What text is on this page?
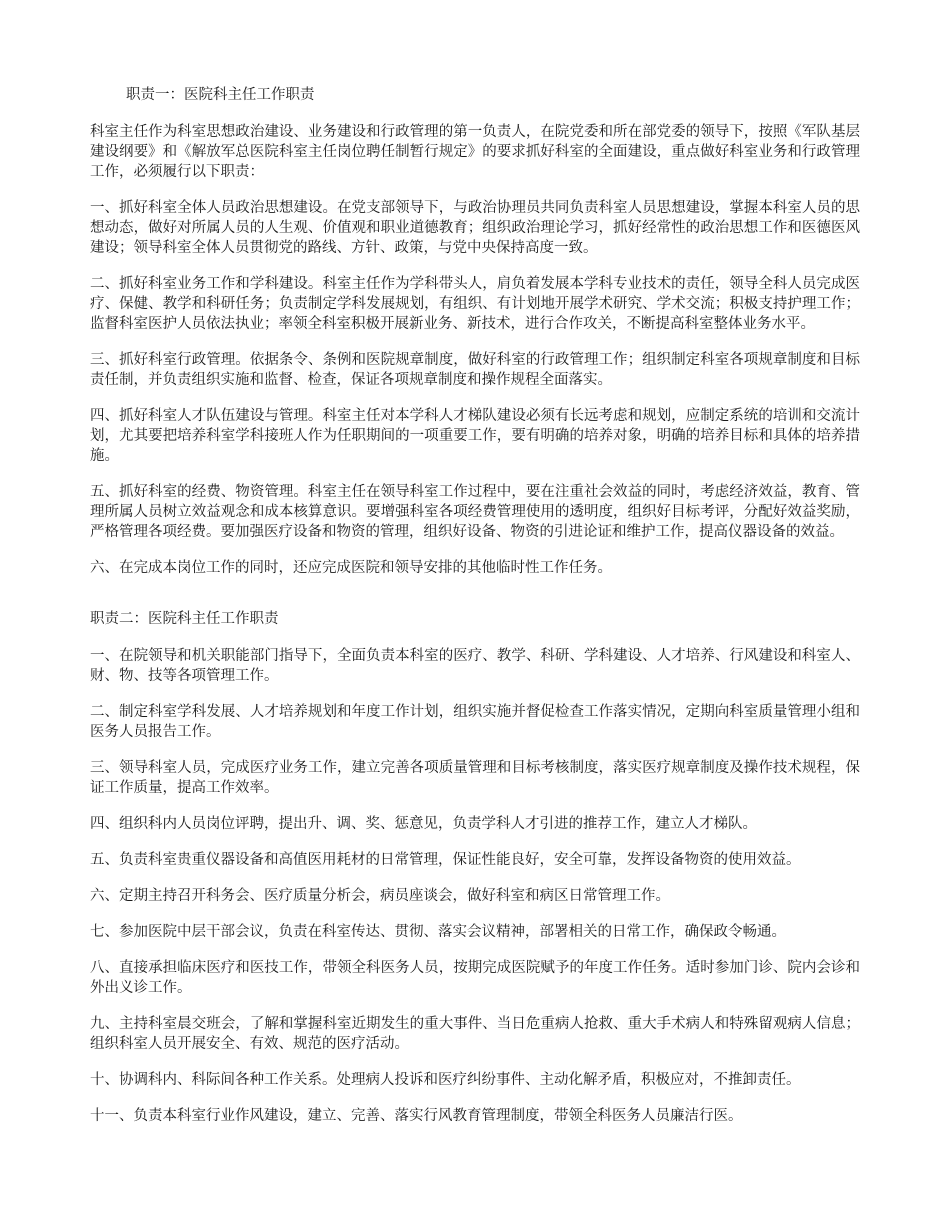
职责一：医院科主任工作职责

科室主任作为科室思想政治建设、业务建设和行政管理的第一负责人，在院党委和所在部党委的领导下，按照《军队基层建设纲要》和《解放军总医院科室主任岗位聘任制暂行规定》的要求抓好科室的全面建设，重点做好科室业务和行政管理工作，必须履行以下职责：

一、抓好科室全体人员政治思想建设。在党支部领导下，与政治协理员共同负责科室人员思想建设，掌握本科室人员的思想动态，做好对所属人员的人生观、价值观和职业道德教育；组织政治理论学习，抓好经常性的政治思想工作和医德医风建设；领导科室全体人员贯彻党的路线、方针、政策，与党中央保持高度一致。

二、抓好科室业务工作和学科建设。科室主任作为学科带头人，肩负着发展本学科专业技术的责任，领导全科人员完成医疗、保健、教学和科研任务；负责制定学科发展规划，有组织、有计划地开展学术研究、学术交流；积极支持护理工作；监督科室医护人员依法执业；率领全科室积极开展新业务、新技术，进行合作攻关，不断提高科室整体业务水平。

三、抓好科室行政管理。依据条令、条例和医院规章制度，做好科室的行政管理工作；组织制定科室各项规章制度和目标责任制，并负责组织实施和监督、检查，保证各项规章制度和操作规程全面落实。

四、抓好科室人才队伍建设与管理。科室主任对本学科人才梯队建设必须有长远考虑和规划，应制定系统的培训和交流计划，尤其要把培养科室学科接班人作为任职期间的一项重要工作，要有明确的培养对象，明确的培养目标和具体的培养措施。

五、抓好科室的经费、物资管理。科室主任在领导科室工作过程中，要在注重社会效益的同时，考虑经济效益，教育、管理所属人员树立效益观念和成本核算意识。要增强科室各项经费管理使用的透明度，组织好目标考评，分配好效益奖励，严格管理各项经费。要加强医疗设备和物资的管理，组织好设备、物资的引进论证和维护工作，提高仪器设备的效益。

六、在完成本岗位工作的同时，还应完成医院和领导安排的其他临时性工作任务。

职责二：医院科主任工作职责

一、在院领导和机关职能部门指导下，全面负责本科室的医疗、教学、科研、学科建设、人才培养、行风建设和科室人、财、物、技等各项管理工作。

二、制定科室学科发展、人才培养规划和年度工作计划，组织实施并督促检查工作落实情况，定期向科室质量管理小组和医务人员报告工作。

三、领导科室人员，完成医疗业务工作，建立完善各项质量管理和目标考核制度，落实医疗规章制度及操作技术规程，保证工作质量，提高工作效率。

四、组织科内人员岗位评聘，提出升、调、奖、惩意见，负责学科人才引进的推荐工作，建立人才梯队。

五、负责科室贵重仪器设备和高值医用耗材的日常管理，保证性能良好，安全可靠，发挥设备物资的使用效益。

六、定期主持召开科务会、医疗质量分析会，病员座谈会，做好科室和病区日常管理工作。

七、参加医院中层干部会议，负责在科室传达、贯彻、落实会议精神，部署相关的日常工作，确保政令畅通。

八、直接承担临床医疗和医技工作，带领全科医务人员，按期完成医院赋予的年度工作任务。适时参加门诊、院内会诊和外出义诊工作。

九、主持科室晨交班会，了解和掌握科室近期发生的重大事件、当日危重病人抢救、重大手术病人和特殊留观病人信息；组织科室人员开展安全、有效、规范的医疗活动。

十、协调科内、科际间各种工作关系。处理病人投诉和医疗纠纷事件、主动化解矛盾，积极应对，不推卸责任。

十一、负责本科室行业作风建设，建立、完善、落实行风教育管理制度，带领全科医务人员廉洁行医。
